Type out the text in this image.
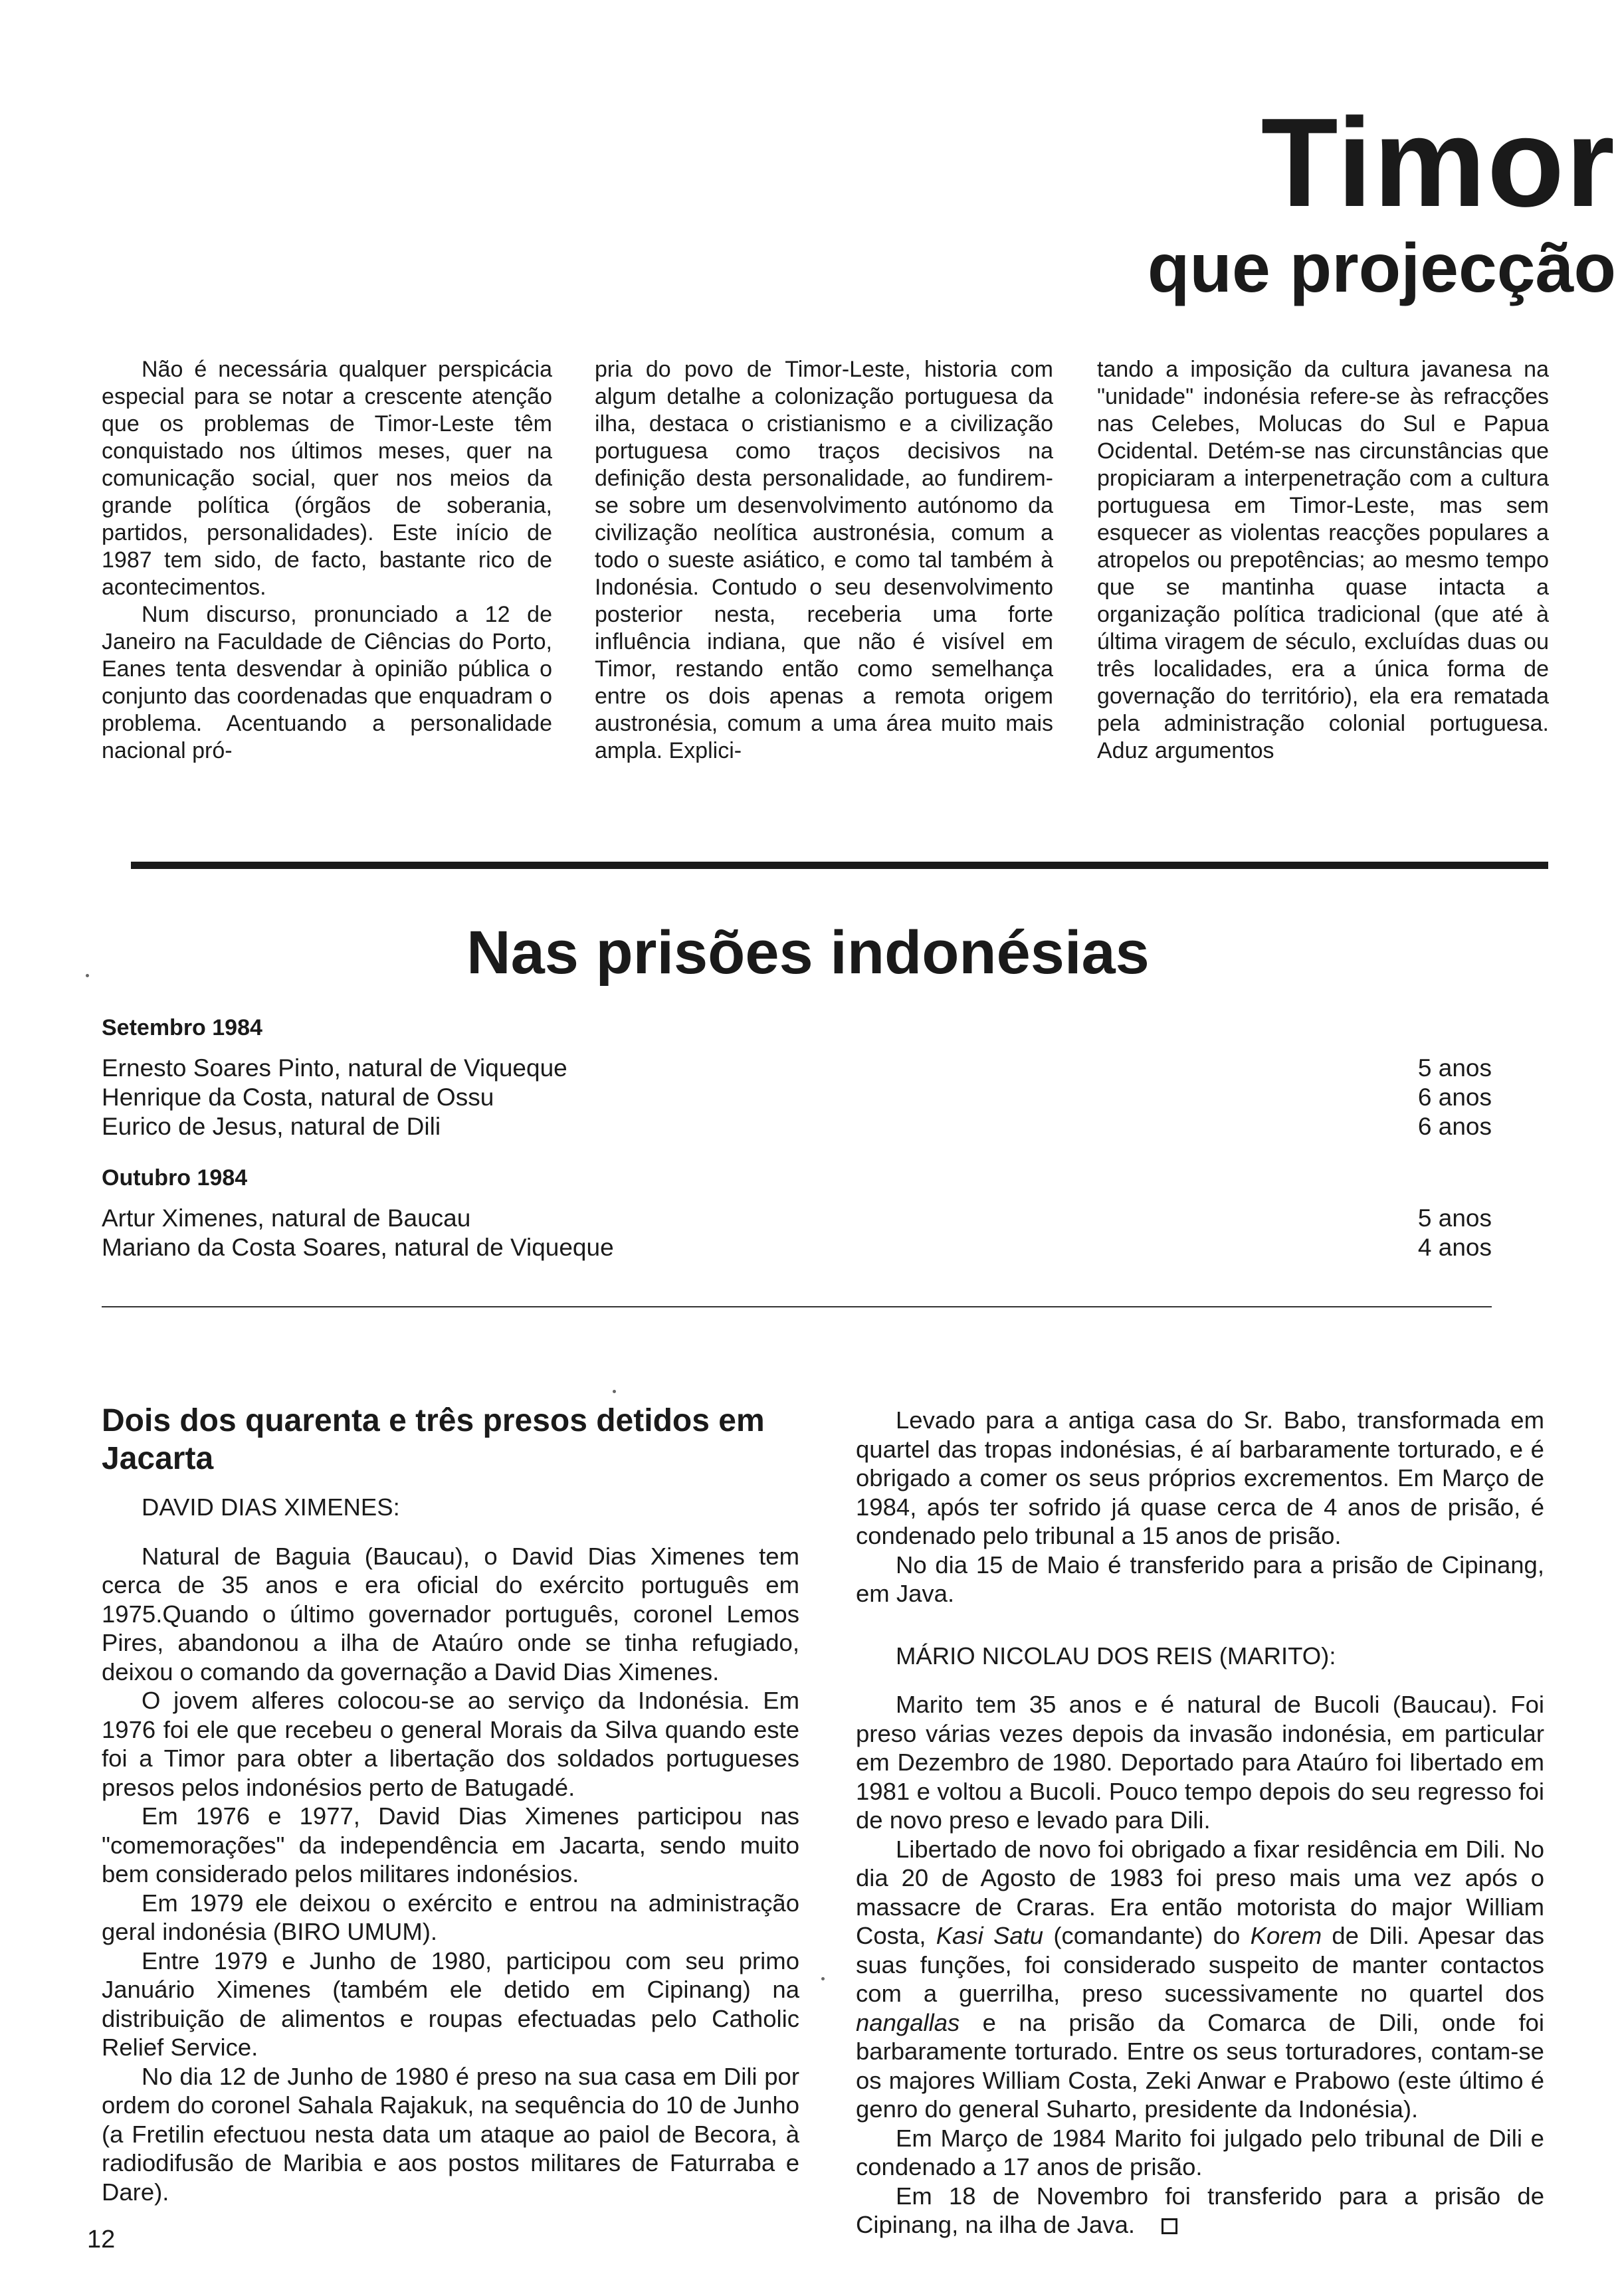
Timor
que projecção

Não é necessária qualquer perspicácia especial para se notar a crescente atenção que os problemas de Timor-Leste têm conquistado nos últimos meses, quer na comunicação social, quer nos meios da grande política (órgãos de soberania, partidos, personalidades). Este início de 1987 tem sido, de facto, bastante rico de acontecimentos.

Num discurso, pronunciado a 12 de Janeiro na Faculdade de Ciências do Porto, Eanes tenta desvendar à opinião pública o conjunto das coordenadas que enquadram o problema. Acentuando a personalidade nacional pró-

pria do povo de Timor-Leste, historia com algum detalhe a colonização portuguesa da ilha, destaca o cristianismo e a civilização portuguesa como traços decisivos na definição desta personalidade, ao fundirem-se sobre um desenvolvimento autónomo da civilização neolítica austronésia, comum a todo o sueste asiático, e como tal também à Indonésia. Contudo o seu desenvolvimento posterior nesta, receberia uma forte influência indiana, que não é visível em Timor, restando então como semelhança entre os dois apenas a remota origem austronésia, comum a uma área muito mais ampla. Explici-

tando a imposição da cultura javanesa na "unidade" indonésia refere-se às refracções nas Celebes, Molucas do Sul e Papua Ocidental. Detém-se nas circunstâncias que propiciaram a interpenetração com a cultura portuguesa em Timor-Leste, mas sem esquecer as violentas reacções populares a atropelos ou prepotências; ao mesmo tempo que se mantinha quase intacta a organização política tradicional (que até à última viragem de século, excluídas duas ou três localidades, era a única forma de governação do território), ela era rematada pela administração colonial portuguesa. Aduz argumentos

Nas prisões indonésias
Setembro 1984
Ernesto Soares Pinto, natural de Viqueque	5 anos
Henrique da Costa, natural de Ossu	6 anos
Eurico de Jesus, natural de Dili	6 anos
Outubro 1984
Artur Ximenes, natural de Baucau	5 anos
Mariano da Costa Soares, natural de Viqueque	4 anos
Dois dos quarenta e três presos detidos em Jacarta

DAVID DIAS XIMENES:

Natural de Baguia (Baucau), o David Dias Ximenes tem cerca de 35 anos e era oficial do exército português em 1975.Quando o último governador português, coronel Lemos Pires, abandonou a ilha de Ataúro onde se tinha refugiado, deixou o comando da governação a David Dias Ximenes.

O jovem alferes colocou-se ao serviço da Indonésia. Em 1976 foi ele que recebeu o general Morais da Silva quando este foi a Timor para obter a libertação dos soldados portugueses presos pelos indonésios perto de Batugadé.

Em 1976 e 1977, David Dias Ximenes participou nas "comemorações" da independência em Jacarta, sendo muito bem considerado pelos militares indonésios.

Em 1979 ele deixou o exército e entrou na administração geral indonésia (BIRO UMUM).

Entre 1979 e Junho de 1980, participou com seu primo Januário Ximenes (também ele detido em Cipinang) na distribuição de alimentos e roupas efectuadas pelo Catholic Relief Service.

No dia 12 de Junho de 1980 é preso na sua casa em Dili por ordem do coronel Sahala Rajakuk, na sequência do 10 de Junho (a Fretilin efectuou nesta data um ataque ao paiol de Becora, à radiodifusão de Maribia e aos postos militares de Faturraba e Dare).

Levado para a antiga casa do Sr. Babo, transformada em quartel das tropas indonésias, é aí barbaramente torturado, e é obrigado a comer os seus próprios excrementos. Em Março de 1984, após ter sofrido já quase cerca de 4 anos de prisão, é condenado pelo tribunal a 15 anos de prisão.

No dia 15 de Maio é transferido para a prisão de Cipinang, em Java.

MÁRIO NICOLAU DOS REIS (MARITO):

Marito tem 35 anos e é natural de Bucoli (Baucau). Foi preso várias vezes depois da invasão indonésia, em particular em Dezembro de 1980. Deportado para Ataúro foi libertado em 1981 e voltou a Bucoli. Pouco tempo depois do seu regresso foi de novo preso e levado para Dili.

Libertado de novo foi obrigado a fixar residência em Dili. No dia 20 de Agosto de 1983 foi preso mais uma vez após o massacre de Craras. Era então motorista do major William Costa, Kasi Satu (comandante) do Korem de Dili. Apesar das suas funções, foi considerado suspeito de manter contactos com a guerrilha, preso sucessivamente no quartel dos nangallas e na prisão da Comarca de Dili, onde foi barbaramente torturado. Entre os seus torturadores, contam-se os majores William Costa, Zeki Anwar e Prabowo (este último é genro do general Suharto, presidente da Indonésia).

Em Março de 1984 Marito foi julgado pelo tribunal de Dili e condenado a 17 anos de prisão.

Em 18 de Novembro foi transferido para a prisão de Cipinang, na ilha de Java.

12
